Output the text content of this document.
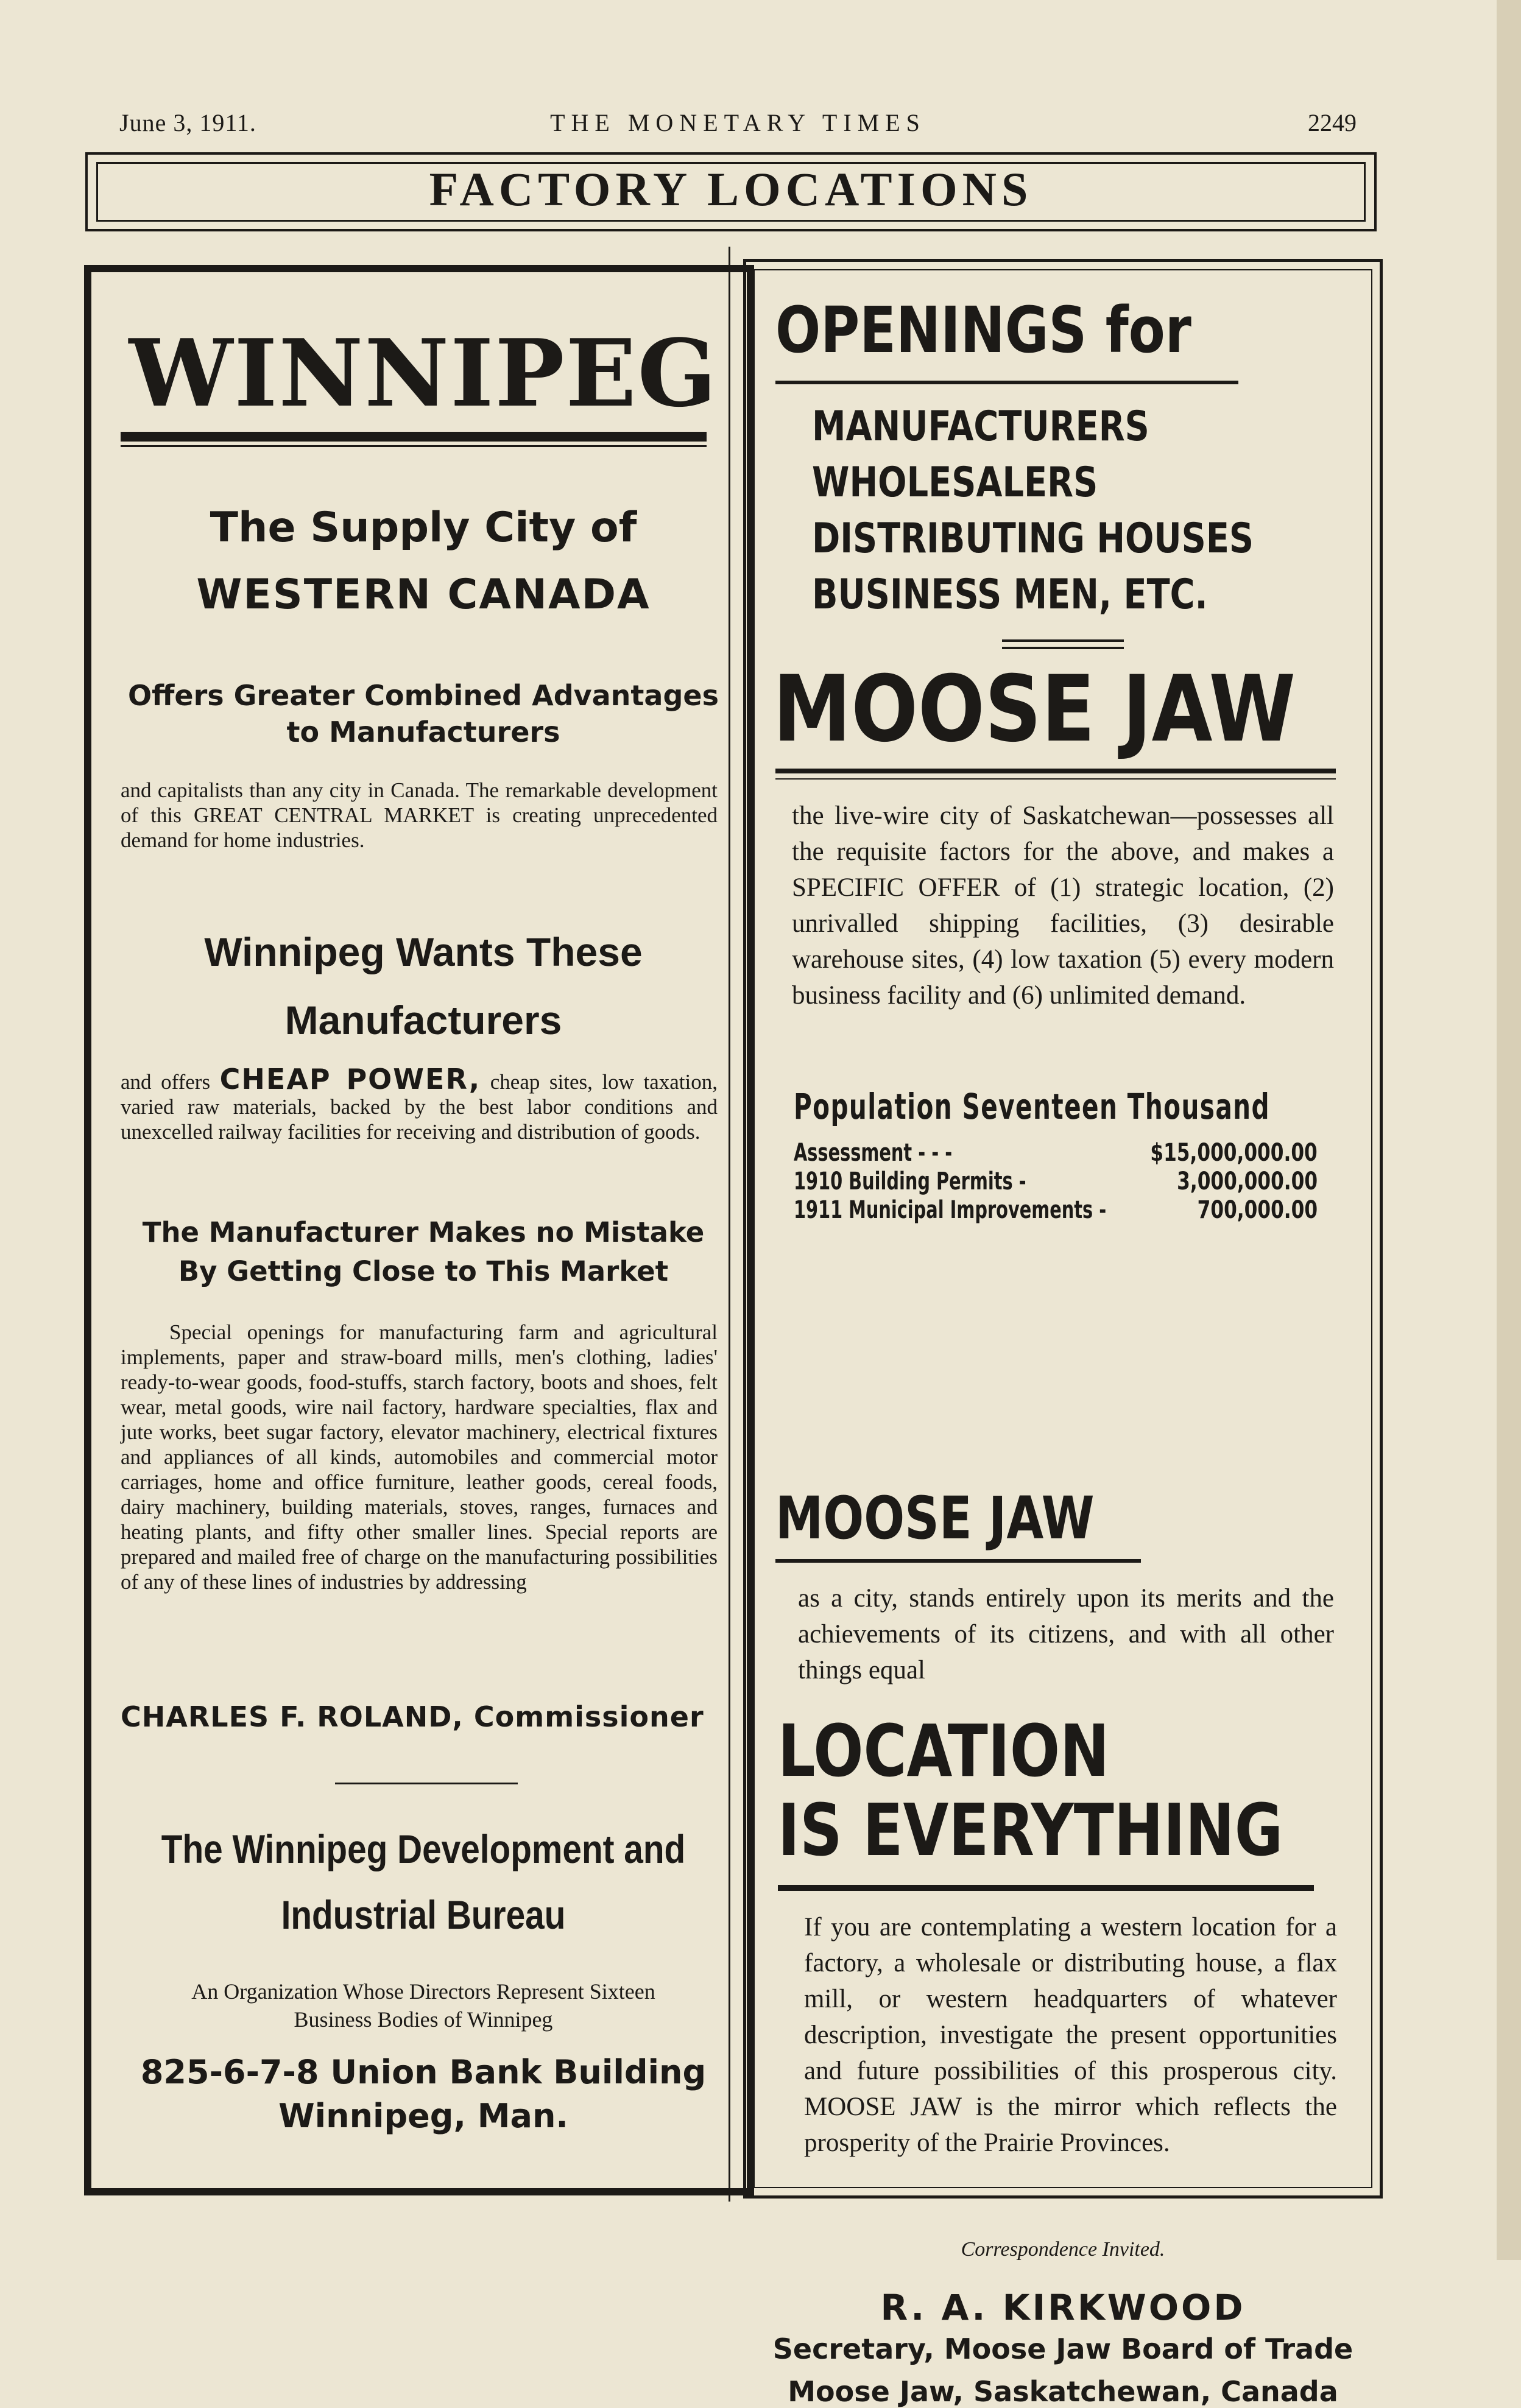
June 3, 1911.	THE MONETARY TIMES	2249
FACTORY LOCATIONS
WINNIPEG
The Supply City of
WESTERN CANADA
Offers Greater Combined Advantages
to Manufacturers
and capitalists than any city in Canada. The remarkable development of this GREAT CENTRAL MARKET is creating unprecedented demand for home industries.
Winnipeg Wants These
Manufacturers
and offers CHEAP POWER, cheap sites, low taxation, varied raw materials, backed by the best labor conditions and unexcelled railway facilities for receiving and distribution of goods.
The Manufacturer Makes no Mistake
By Getting Close to This Market
Special openings for manufacturing farm and agricultural implements, paper and straw-board mills, men's clothing, ladies' ready-to-wear goods, food-stuffs, starch factory, boots and shoes, felt wear, metal goods, wire nail factory, hardware specialties, flax and jute works, beet sugar factory, elevator machinery, electrical fixtures and appliances of all kinds, automobiles and commercial motor carriages, home and office furniture, leather goods, cereal foods, dairy machinery, building materials, stoves, ranges, furnaces and heating plants, and fifty other smaller lines. Special reports are prepared and mailed free of charge on the manufacturing possibilities of any of these lines of industries by addressing
CHARLES F. ROLAND, Commissioner
The Winnipeg Development and
Industrial Bureau
An Organization Whose Directors Represent Sixteen
Business Bodies of Winnipeg
825-6-7-8 Union Bank Building
Winnipeg, Man.
OPENINGS for
MANUFACTURERS
WHOLESALERS
DISTRIBUTING HOUSES
BUSINESS MEN, ETC.
MOOSE JAW
the live-wire city of Saskatchewan—possesses all the requisite factors for the above, and makes a SPECIFIC OFFER of (1) strategic location, (2) unrivalled shipping facilities, (3) desirable warehouse sites, (4) low taxation (5) every modern business facility and (6) unlimited demand.
Population Seventeen Thousand
Assessment - - -	$15,000,000.00
1910 Building Permits -	3,000,000.00
1911 Municipal Improvements -	700,000.00
MOOSE JAW
as a city, stands entirely upon its merits and the achievements of its citizens, and with all other things equal
LOCATION
IS EVERYTHING
If you are contemplating a western location for a factory, a wholesale or distributing house, a flax mill, or western headquarters of whatever description, investigate the present opportunities and future possibilities of this prosperous city. MOOSE JAW is the mirror which reflects the prosperity of the Prairie Provinces.
Correspondence Invited.
R. A. KIRKWOOD
Secretary, Moose Jaw Board of Trade
Moose Jaw, Saskatchewan, Canada
